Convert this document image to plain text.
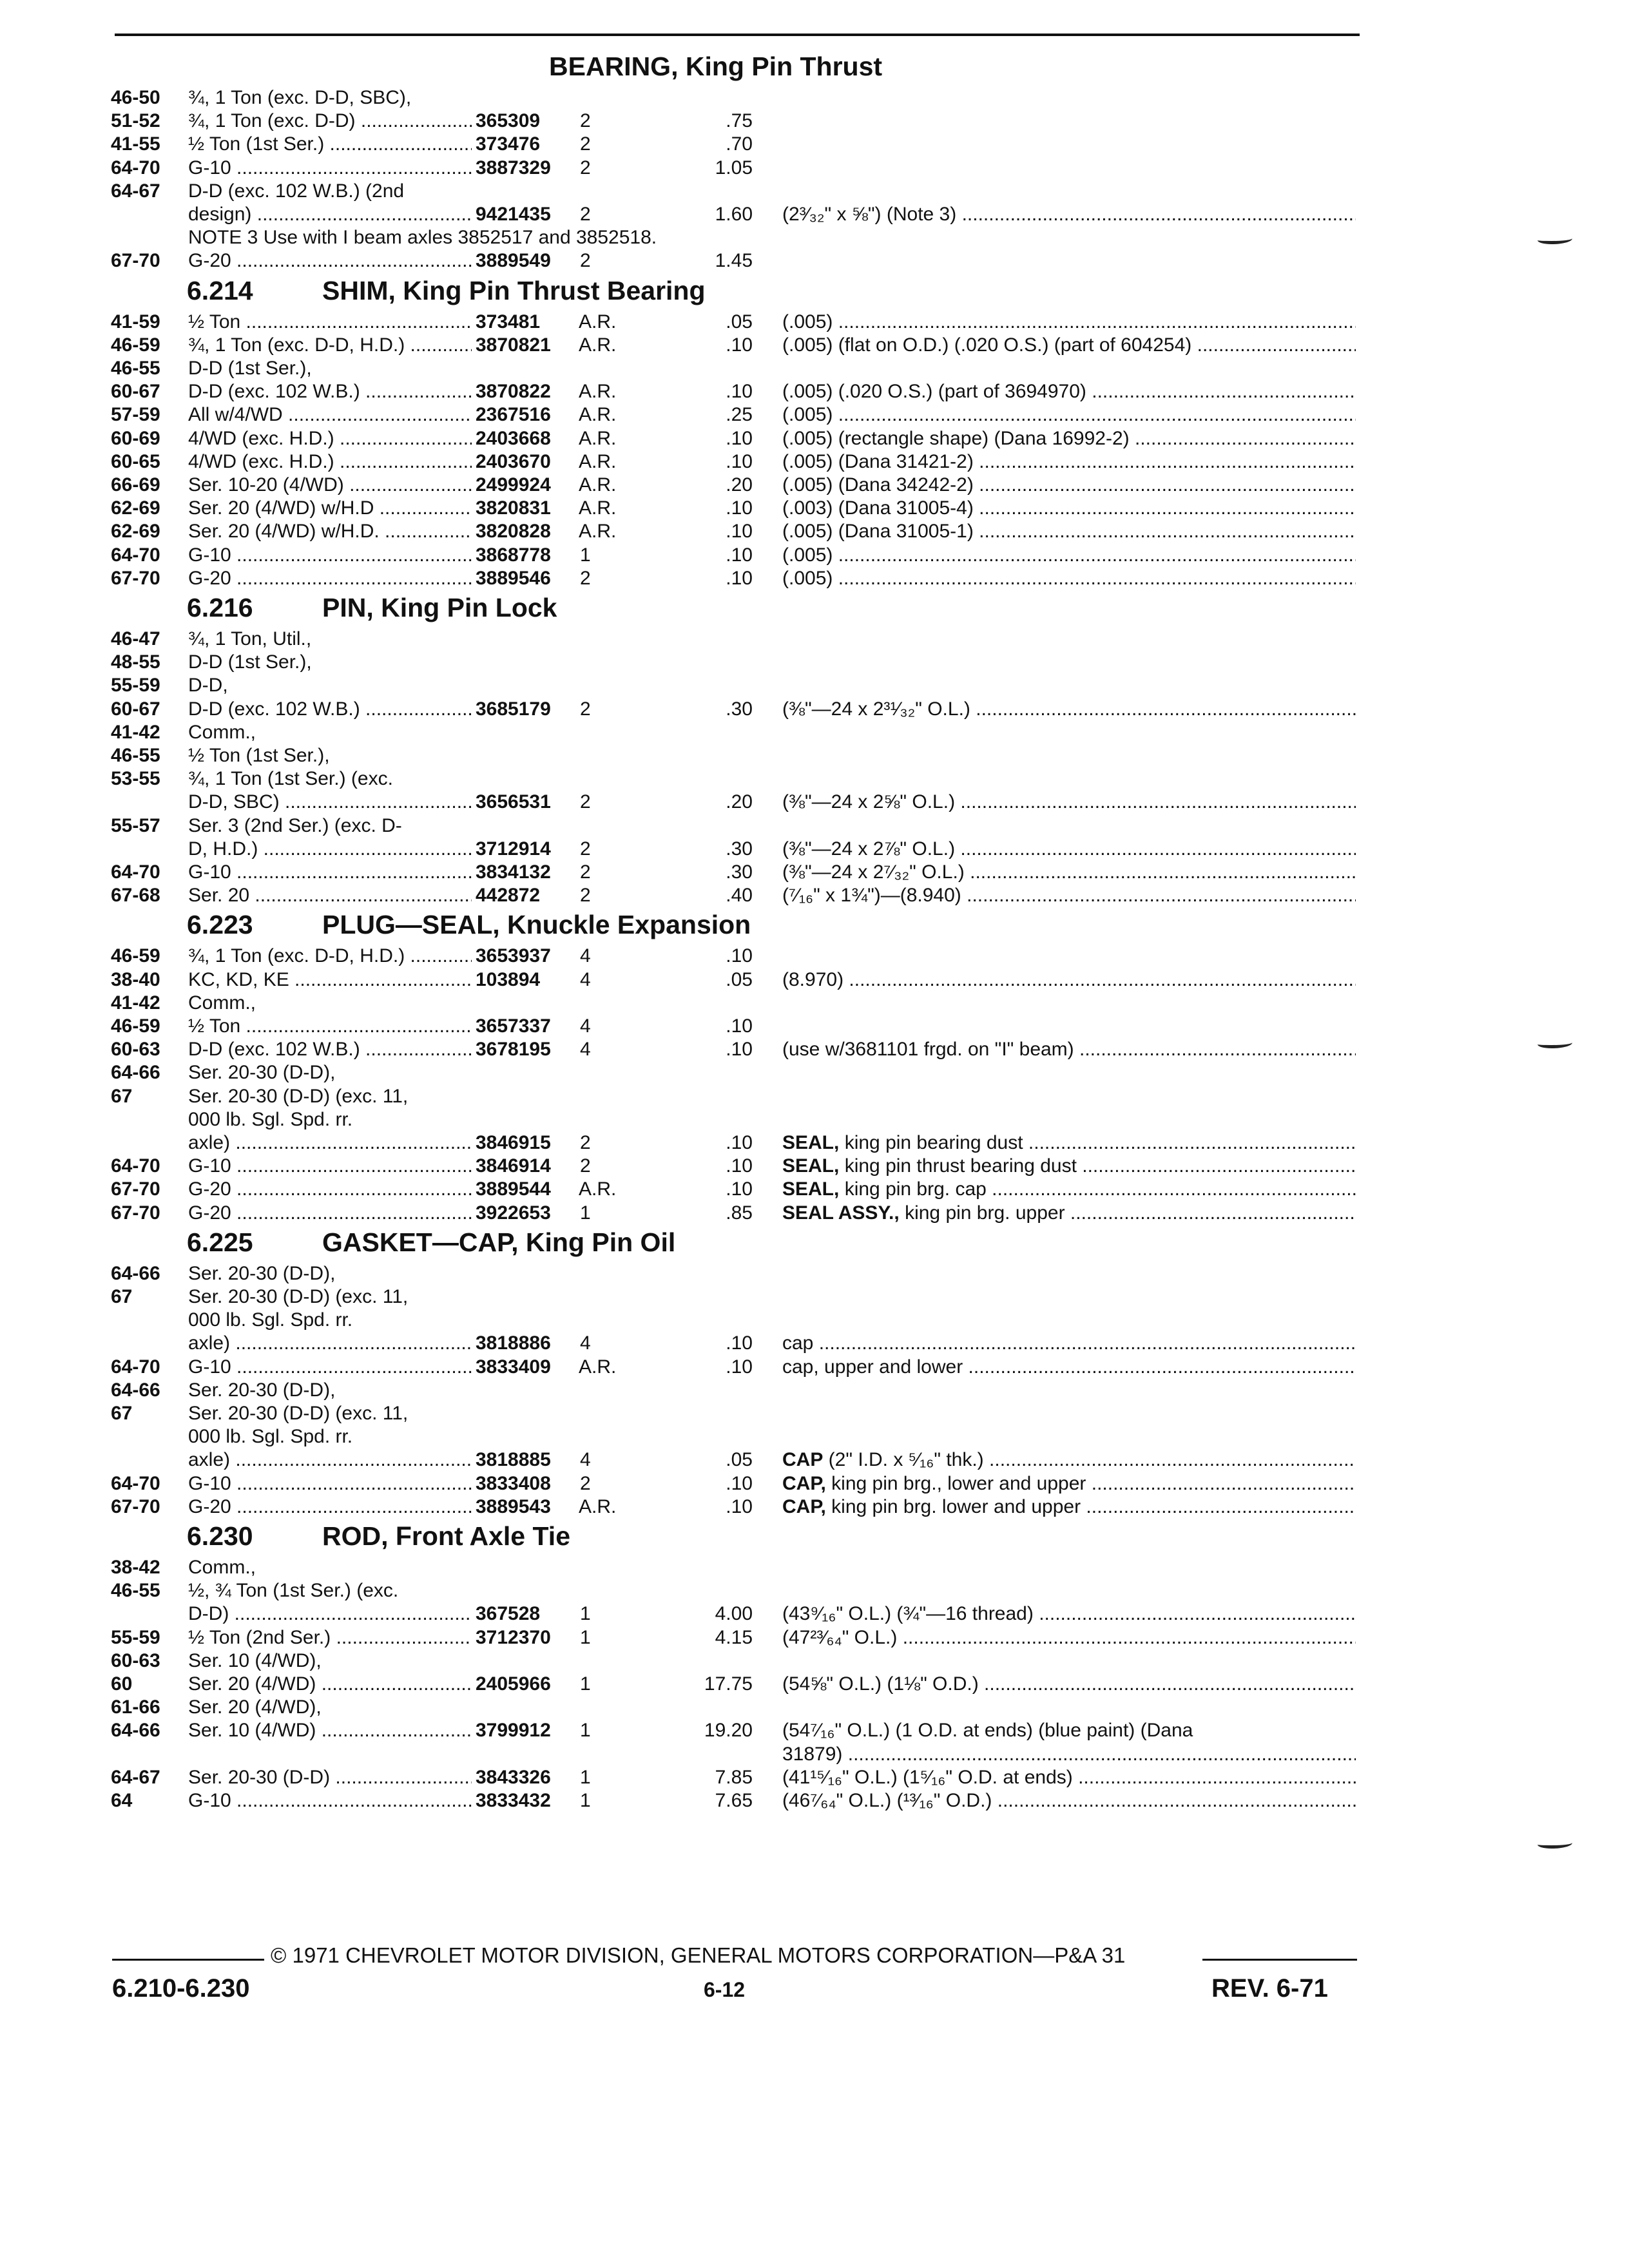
BEARING, King Pin Thrust
46-50 ¾, 1 Ton (exc. D-D, SBC),
51-52 ¾, 1 Ton (exc. D-D) .....	365309 2	.75
41-55 ½ Ton (1st Ser.) .....	373476 2	.70
64-70 G-10 .....	3887329 2	1.05
64-67 D-D (exc. 102 W.B.) (2nd
design) .....	9421435 2	1.60 (2³⁄₃₂" x ⅝") (Note 3) .....
NOTE 3 Use with I beam axles 3852517 and 3852518.
67-70 G-20 .....	3889549 2	1.45
6.214	SHIM, King Pin Thrust Bearing
41-59 ½ Ton .....	373481 A.R.	.05 (.005) .....
46-59 ¾, 1 Ton (exc. D-D, H.D.) .....	3870821 A.R.	.10 (.005) (flat on O.D.) (.020 O.S.) (part of 604254) .....
46-55 D-D (1st Ser.),
60-67 D-D (exc. 102 W.B.) .....	3870822 A.R.	.10 (.005) (.020 O.S.) (part of 3694970) .....
57-59 All w/4/WD .....	2367516 A.R.	.25 (.005) .....
60-69 4/WD (exc. H.D.) .....	2403668 A.R.	.10 (.005) (rectangle shape) (Dana 16992-2) .....
60-65 4/WD (exc. H.D.) .....	2403670 A.R.	.10 (.005) (Dana 31421-2) .....
66-69 Ser. 10-20 (4/WD) .....	2499924 A.R.	.20 (.005) (Dana 34242-2) .....
62-69 Ser. 20 (4/WD) w/H.D .....	3820831 A.R.	.10 (.003) (Dana 31005-4) .....
62-69 Ser. 20 (4/WD) w/H.D. .....	3820828 A.R.	.10 (.005) (Dana 31005-1) .....
64-70 G-10 .....	3868778 1	.10 (.005) .....
67-70 G-20 .....	3889546 2	.10 (.005) .....
6.216	PIN, King Pin Lock
46-47 ¾, 1 Ton, Util.,
48-55 D-D (1st Ser.),
55-59 D-D,
60-67 D-D (exc. 102 W.B.) .....	3685179 2	.30 (⅜"—24 x 2³¹⁄₃₂" O.L.) .....
41-42 Comm.,
46-55 ½ Ton (1st Ser.),
53-55 ¾, 1 Ton (1st Ser.) (exc.
D-D, SBC) .....	3656531 2	.20 (⅜"—24 x 2⅝" O.L.) .....
55-57 Ser. 3 (2nd Ser.) (exc. D-
D, H.D.) .....	3712914 2	.30 (⅜"—24 x 2⅞" O.L.) .....
64-70 G-10 .....	3834132 2	.30 (⅜"—24 x 2⁷⁄₃₂" O.L.) .....
67-68 Ser. 20 .....	442872 2	.40 (⁷⁄₁₆" x 1¾")—(8.940) .....
6.223	PLUG—SEAL, Knuckle Expansion
46-59 ¾, 1 Ton (exc. D-D, H.D.) .....	3653937 4	.10
38-40 KC, KD, KE .....	103894 4	.05 (8.970) .....
41-42 Comm.,
46-59 ½ Ton .....	3657337 4	.10
60-63 D-D (exc. 102 W.B.) .....	3678195 4	.10 (use w/3681101 frgd. on "I" beam) .....
64-66 Ser. 20-30 (D-D),
67	Ser. 20-30 (D-D) (exc. 11,
000 lb. Sgl. Spd. rr.
axle) .....	3846915 2	.10 SEAL, king pin bearing dust .....
64-70 G-10 .....	3846914 2	.10 SEAL, king pin thrust bearing dust .....
67-70 G-20 .....	3889544 A.R.	.10 SEAL, king pin brg. cap .....
67-70 G-20 .....	3922653 1	.85 SEAL ASSY., king pin brg. upper .....
6.225	GASKET—CAP, King Pin Oil
64-66 Ser. 20-30 (D-D),
67	Ser. 20-30 (D-D) (exc. 11,
000 lb. Sgl. Spd. rr.
axle) .....	3818886 4	.10 cap .....
64-70 G-10 .....	3833409 A.R.	.10 cap, upper and lower .....
64-66 Ser. 20-30 (D-D),
67	Ser. 20-30 (D-D) (exc. 11,
000 lb. Sgl. Spd. rr.
axle) .....	3818885 4	.05 CAP (2" I.D. x ⁵⁄₁₆" thk.) .....
64-70 G-10 .....	3833408 2	.10 CAP, king pin brg., lower and upper .....
67-70 G-20 .....	3889543 A.R.	.10 CAP, king pin brg. lower and upper .....
6.230	ROD, Front Axle Tie
38-42 Comm.,
46-55 ½, ¾ Ton (1st Ser.) (exc.
D-D) .....	367528 1	4.00 (43⁹⁄₁₆" O.L.) (¾"—16 thread) .....
55-59 ½ Ton (2nd Ser.) .....	3712370 1	4.15 (47²³⁄₆₄" O.L.) .....
60-63 Ser. 10 (4/WD),
60	Ser. 20 (4/WD) .....	2405966 1	17.75 (54⅝" O.L.) (1⅛" O.D.) .....
61-66 Ser. 20 (4/WD),
64-66 Ser. 10 (4/WD) .....	3799912 1	19.20 (54⁷⁄₁₆" O.L.) (1 O.D. at ends) (blue paint) (Dana
31879) .....
64-67 Ser. 20-30 (D-D) .....	3843326 1	7.85 (41¹⁵⁄₁₆" O.L.) (1⁵⁄₁₆" O.D. at ends) .....
64	G-10 .....	3833432 1	7.65 (46⁷⁄₆₄" O.L.) (¹³⁄₁₆" O.D.) .....
© 1971 CHEVROLET MOTOR DIVISION, GENERAL MOTORS CORPORATION—P&A 31
6.210-6.230	6-12	REV. 6-71
